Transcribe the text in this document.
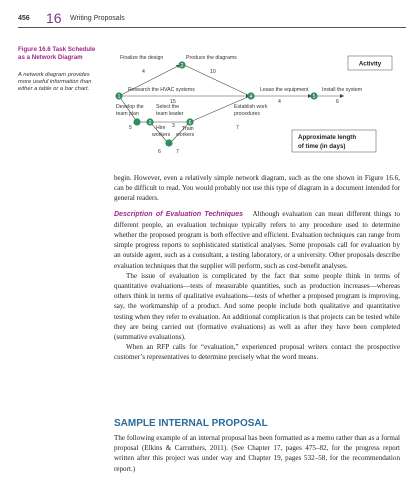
456 16 Writing Proposals
Figure 16.6 Task Schedule as a Network Diagram
A network diagram provides more useful information than either a table or a bar chart.
1
2
3
4	5
6
Finalize the design	Produce the diagrams
Research the HVAC systems	Lease the equipment	Install the system
Develop the
team plan
Select the
team leader
Establish work
procedures
Hire
workers
Train
workers
4	10
15	4	6
5	3	7
6	7
Activity
Approximate length
of time (in days)

begin. However, even a relatively simple network diagram, such as the one shown in Figure 16.6, can be difficult to read. You would probably not use this type of diagram in a document intended for general readers.

Description of Evaluation Techniques Although evaluation can mean different things to different people, an evaluation technique typically refers to any procedure used to determine whether the proposed program is both effective and efficient. Evaluation techniques can range from simple progress reports to sophisticated statistical analyses. Some proposals call for evaluation by an outside agent, such as a consultant, a testing laboratory, or a university. Other proposals describe evaluation techniques that the supplier will perform, such as cost-benefit analyses.

The issue of evaluation is complicated by the fact that some people think in terms of quantitative evaluations—tests of measurable quantities, such as production increases—whereas others think in terms of qualitative evaluations—tests of whether a proposed program is improving, say, the workmanship of a product. And some people include both qualitative and quantitative testing when they refer to evaluation. An additional complication is that projects can be tested while they are being carried out (formative evaluations) as well as after they have been completed (summative evaluations).

When an RFP calls for “evaluation,” experienced proposal writers contact the prospective customer’s representatives to determine precisely what the word means.

SAMPLE INTERNAL PROPOSAL

The following example of an internal proposal has been formatted as a memo rather than as a formal proposal (Elkins & Carruthers, 2011). (See Chapter 17, pages 475–82, for the progress report written after this project was under way and Chapter 19, pages 532–58, for the recommendation report.)
